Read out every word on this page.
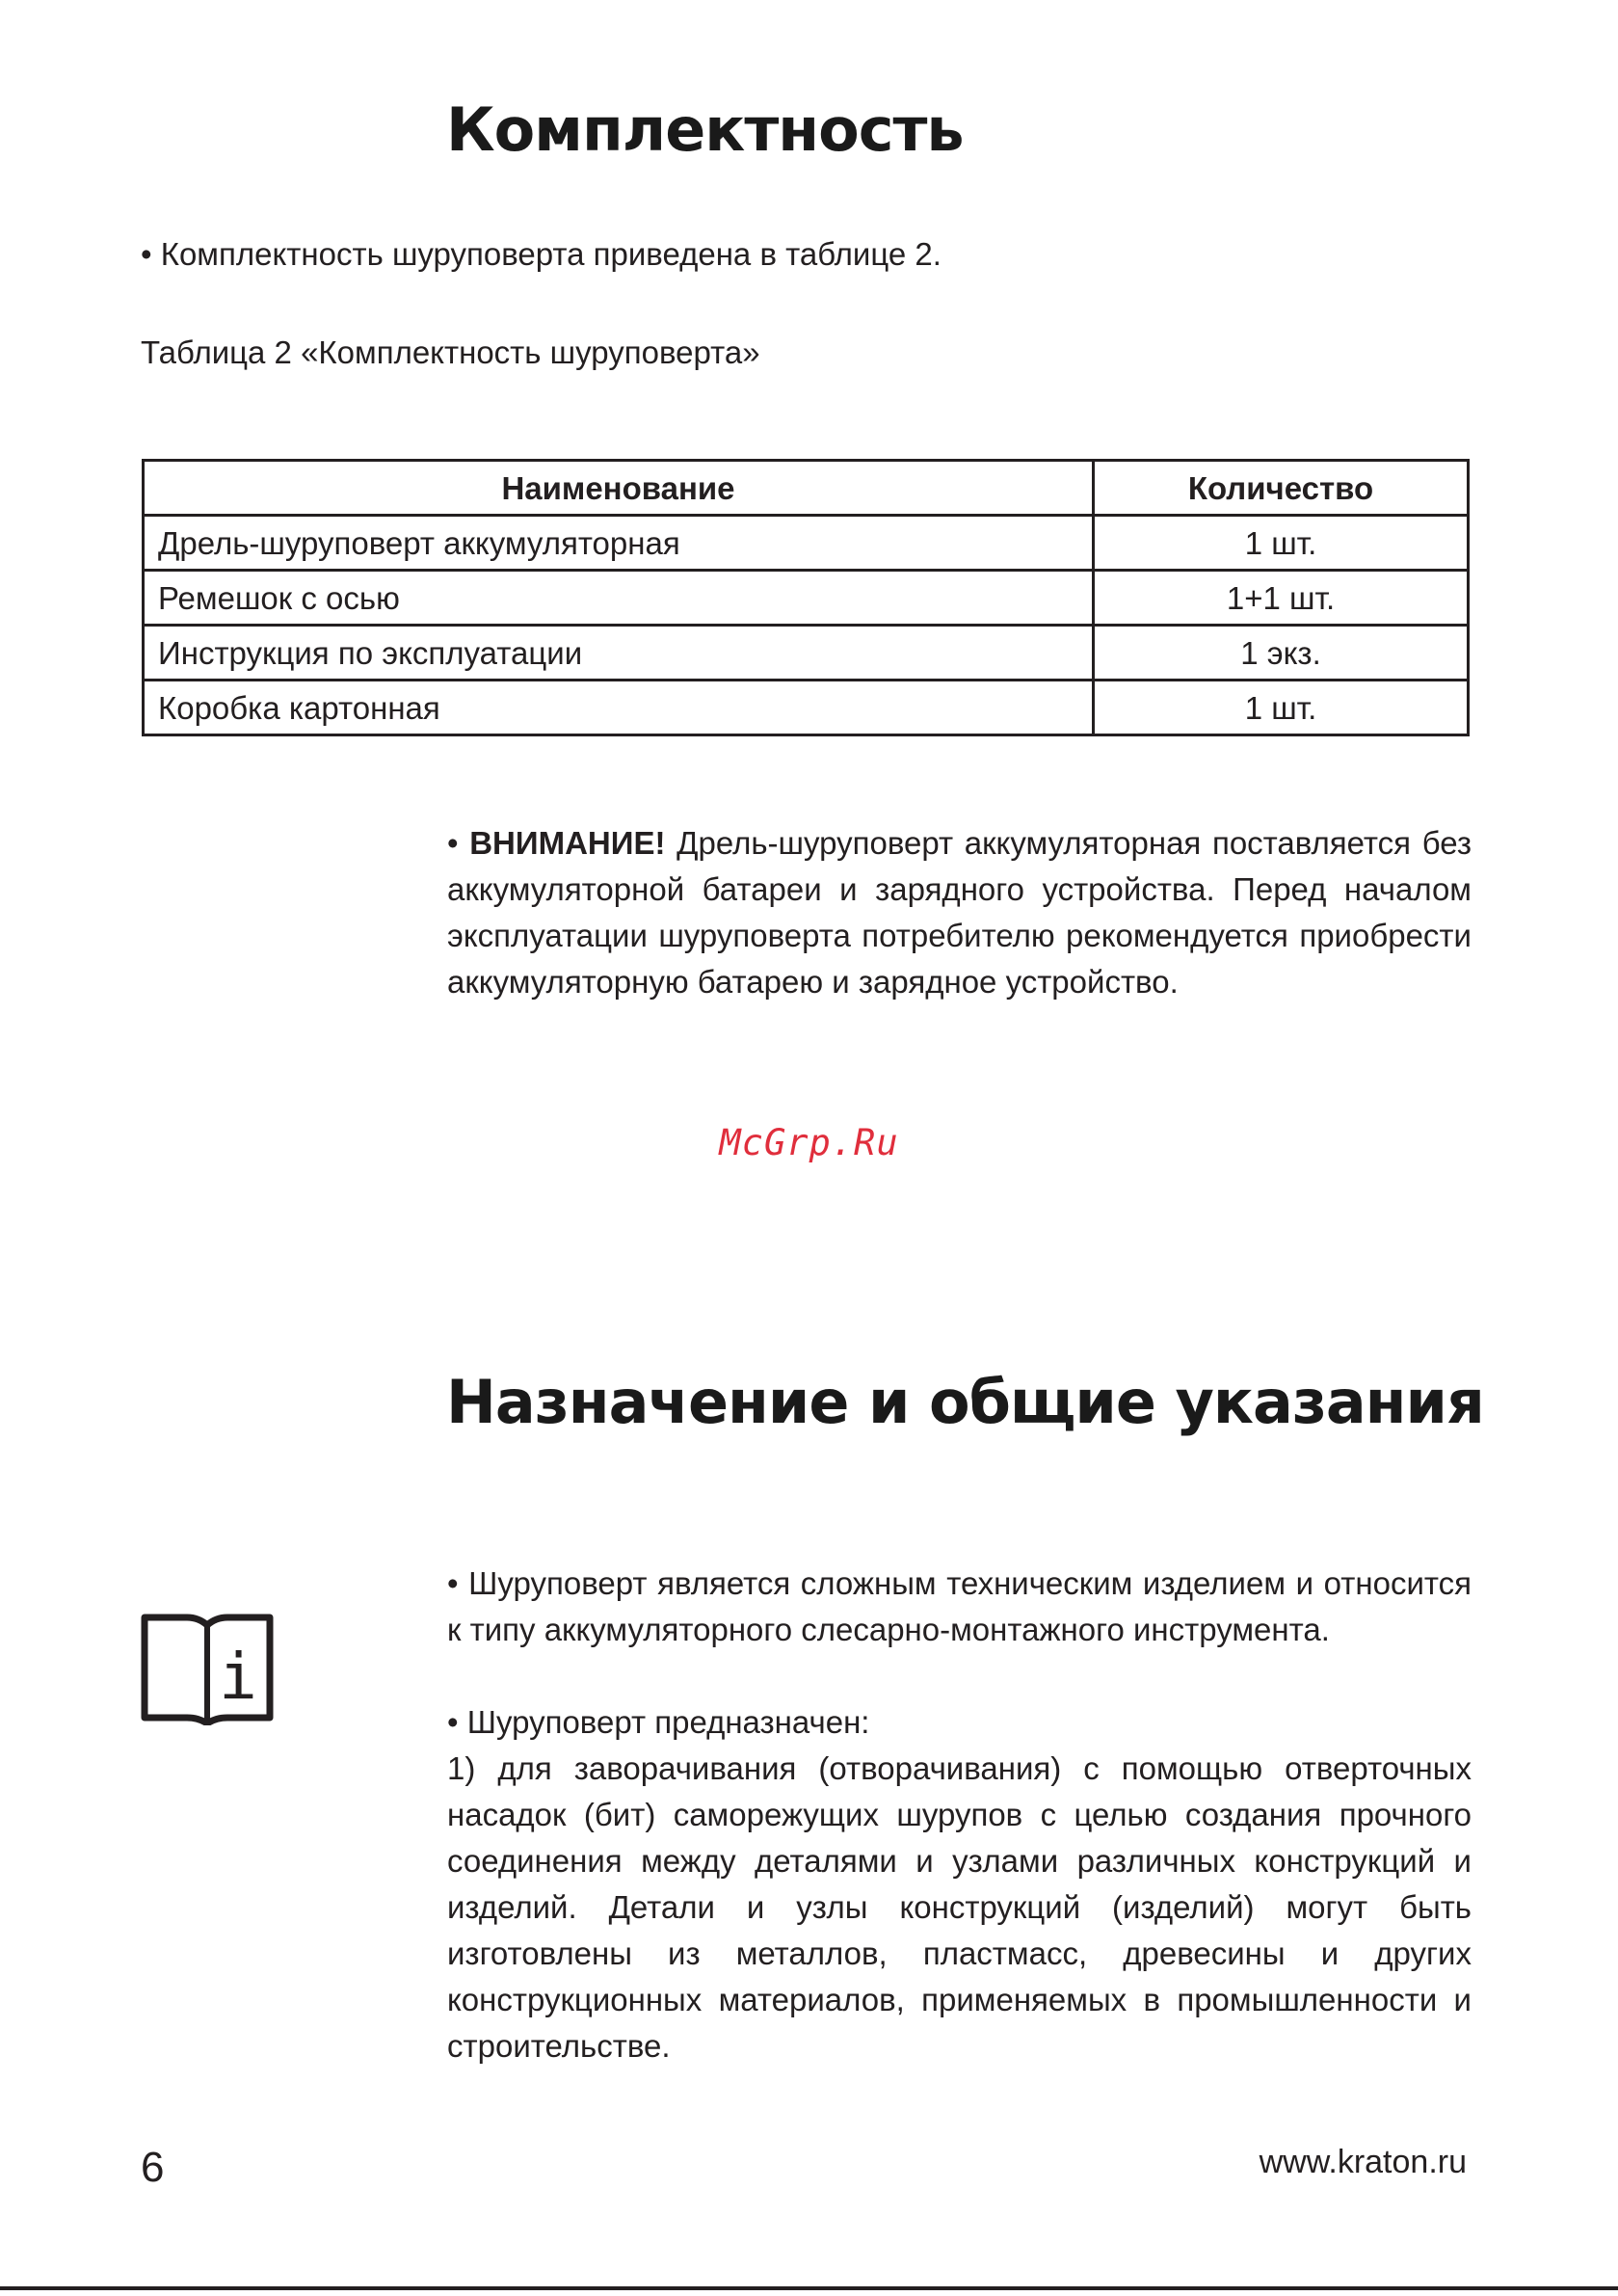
Комплектность
• Комплектность шуруповерта приведена в таблице 2.
Таблица 2 «Комплектность шуруповерта»
Наименование	Количество
Дрель-шуруповерт аккумуляторная	1 шт.
Ремешок с осью	1+1 шт.
Инструкция по эксплуатации	1 экз.
Коробка картонная	1 шт.
• ВНИМАНИЕ! Дрель-шуруповерт аккумуляторная поставляется без аккумуляторной батареи и зарядного устройства. Перед началом эксплуатации шуруповерта потребителю рекомендуется приобрести аккумуляторную батарею и зарядное устройство.
McGrp.Ru
Назначение и общие указания
i
• Шуруповерт является сложным техническим изделием и относится к типу аккумуляторного слесарно-монтажного инструмента.
• Шуруповерт предназначен:
1) для заворачивания (отворачивания) с помощью отверточных насадок (бит) саморежущих шурупов с целью создания прочного соединения между деталями и узлами различных конструкций и изделий. Детали и узлы конструкций (изделий) могут быть изготовлены из металлов, пластмасс, древесины и других конструкционных материалов, применяемых в промышленности и строительстве.
6	www.kraton.ru
